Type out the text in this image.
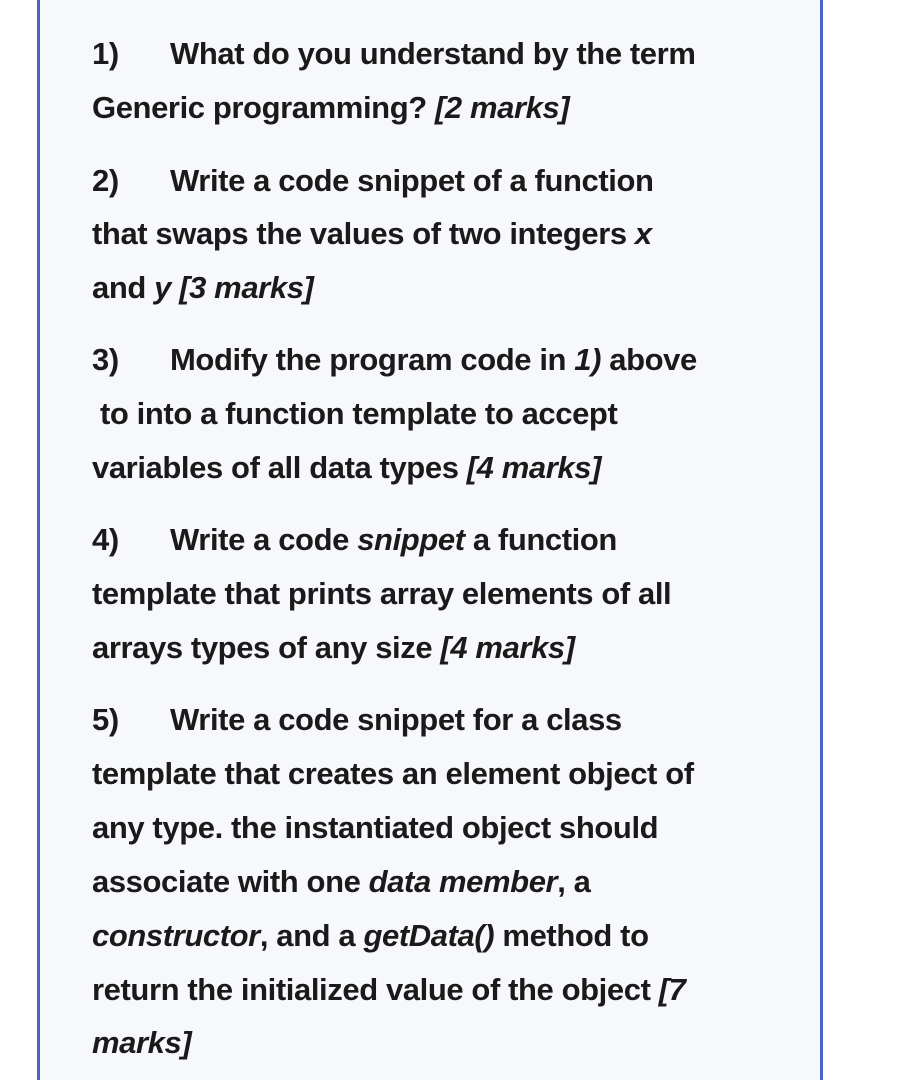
1) What do you understand by the term
Generic programming? [2 marks]
2) Write a code snippet of a function
that swaps the values of two integers x
and y [3 marks]
3) Modify the program code in 1) above
to into a function template to accept
variables of all data types [4 marks]
4) Write a code snippet a function
template that prints array elements of all
arrays types of any size [4 marks]
5) Write a code snippet for a class
template that creates an element object of
any type. the instantiated object should
associate with one data member, a
constructor, and a getData() method to
return the initialized value of the object [7
marks]
